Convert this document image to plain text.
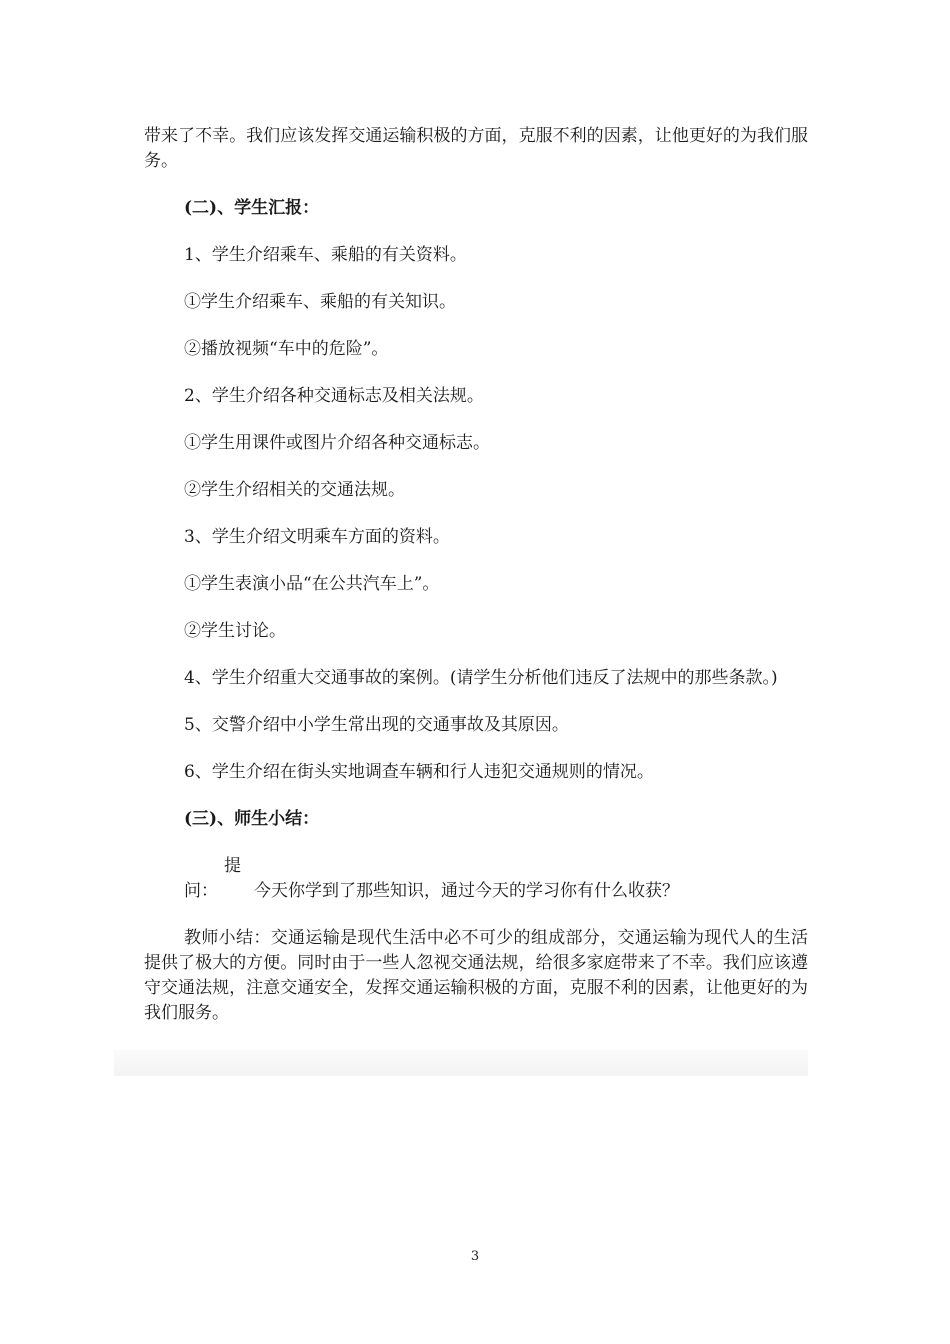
带来了不幸。我们应该发挥交通运输积极的方面，克服不利的因素，让他更好的为我们服务。

(二)、学生汇报：

1、学生介绍乘车、乘船的有关资料。

①学生介绍乘车、乘船的有关知识。

②播放视频“车中的危险”。

2、学生介绍各种交通标志及相关法规。

①学生用课件或图片介绍各种交通标志。

②学生介绍相关的交通法规。

3、学生介绍文明乘车方面的资料。

①学生表演小品“在公共汽车上”。

②学生讨论。

4、学生介绍重大交通事故的案例。(请学生分析他们违反了法规中的那些条款。)

5、交警介绍中小学生常出现的交通事故及其原因。

6、学生介绍在街头实地调查车辆和行人违犯交通规则的情况。

(三)、师生小结：

提问： 今天你学到了那些知识，通过今天的学习你有什么收获？

教师小结：交通运输是现代生活中必不可少的组成部分，交通运输为现代人的生活提供了极大的方便。同时由于一些人忽视交通法规，给很多家庭带来了不幸。我们应该遵守交通法规，注意交通安全，发挥交通运输积极的方面，克服不利的因素，让他更好的为我们服务。

3
